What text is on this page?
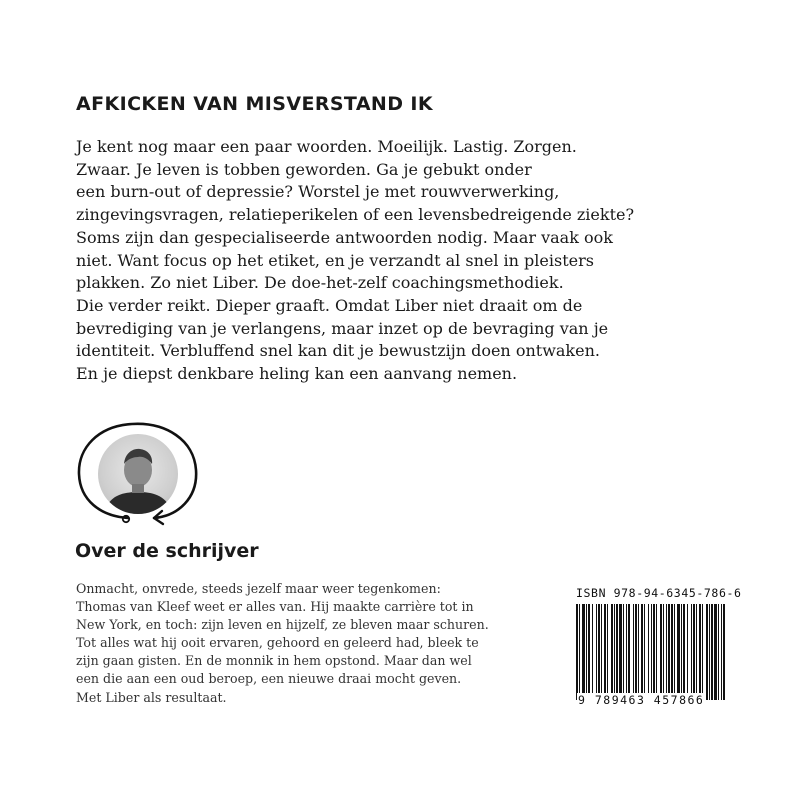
AFKICKEN VAN MISVERSTAND IK
Je kent nog maar een paar woorden. Moeilijk. Lastig. Zorgen.
Zwaar. Je leven is tobben geworden. Ga je gebukt onder
een burn-out of depressie? Worstel je met rouwverwerking,
zingevingsvragen, relatieperikelen of een levensbedreigende ziekte?
Soms zijn dan gespecialiseerde antwoorden nodig. Maar vaak ook
niet. Want focus op het etiket, en je verzandt al snel in pleisters
plakken. Zo niet Liber. De doe-het-zelf coachingsmethodiek.
Die verder reikt. Dieper graaft. Omdat Liber niet draait om de
bevrediging van je verlangens, maar inzet op de bevraging van je
identiteit. Verbluffend snel kan dit je bewustzijn doen ontwaken.
En je diepst denkbare heling kan een aanvang nemen.
Over de schrijver
Onmacht, onvrede, steeds jezelf maar weer tegenkomen:
Thomas van Kleef weet er alles van. Hij maakte carrière tot in
New York, en toch: zijn leven en hijzelf, ze bleven maar schuren.
Tot alles wat hij ooit ervaren, gehoord en geleerd had, bleek te
zijn gaan gisten. En de monnik in hem opstond. Maar dan wel
een die aan een oud beroep, een nieuwe draai mocht geven.
Met Liber als resultaat.
ISBN 978-94-6345-786-6
9 789463 457866
